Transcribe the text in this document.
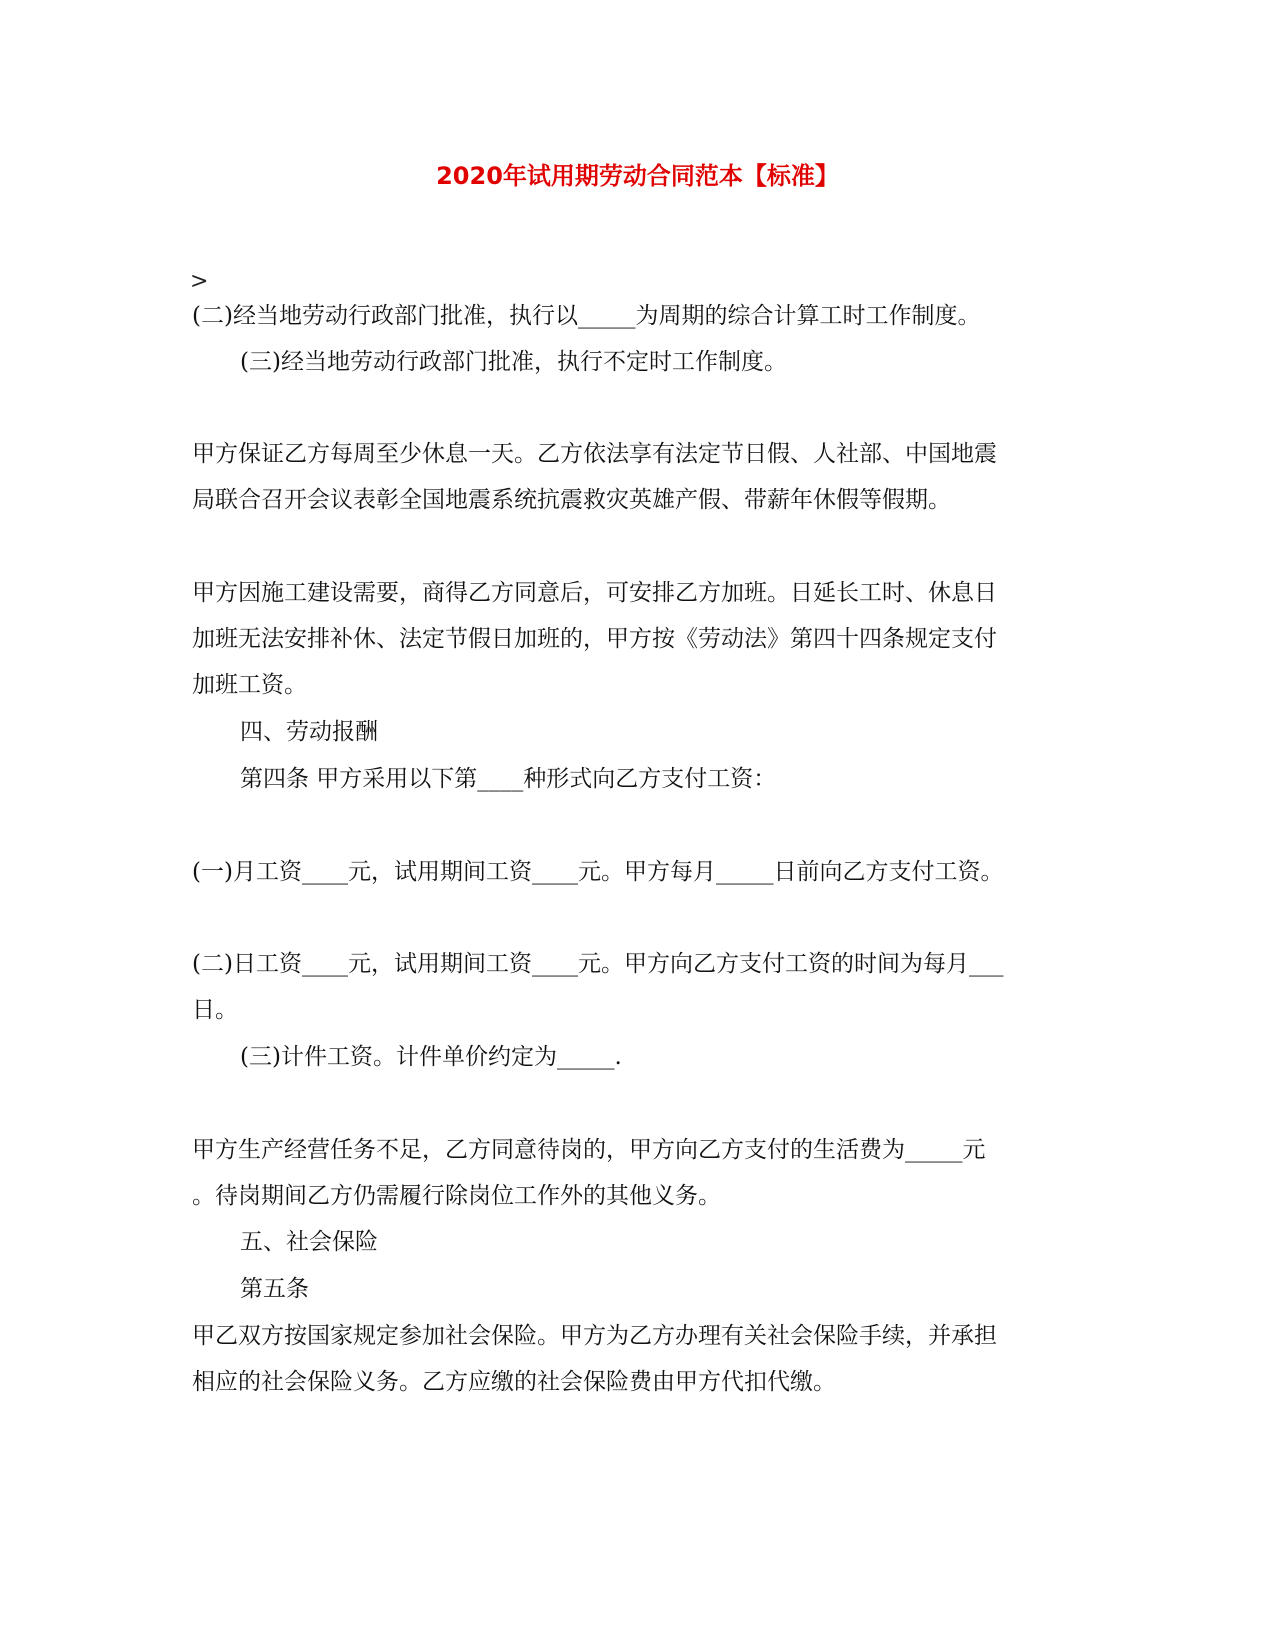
2020年试用期劳动合同范本【标准】
>
(二)经当地劳动行政部门批准，执行以_____为周期的综合计算工时工作制度。
(三)经当地劳动行政部门批准，执行不定时工作制度。
甲方保证乙方每周至少休息一天。乙方依法享有法定节日假、人社部、中国地震
局联合召开会议表彰全国地震系统抗震救灾英雄产假、带薪年休假等假期。
甲方因施工建设需要，商得乙方同意后，可安排乙方加班。日延长工时、休息日
加班无法安排补休、法定节假日加班的，甲方按《劳动法》第四十四条规定支付
加班工资。
四、劳动报酬
第四条 甲方采用以下第____种形式向乙方支付工资：
(一)月工资____元，试用期间工资____元。甲方每月_____日前向乙方支付工资。
(二)日工资____元，试用期间工资____元。甲方向乙方支付工资的时间为每月___
日。
(三)计件工资。计件单价约定为_____.
甲方生产经营任务不足，乙方同意待岗的，甲方向乙方支付的生活费为_____元
。待岗期间乙方仍需履行除岗位工作外的其他义务。
五、社会保险
第五条
甲乙双方按国家规定参加社会保险。甲方为乙方办理有关社会保险手续，并承担
相应的社会保险义务。乙方应缴的社会保险费由甲方代扣代缴。
